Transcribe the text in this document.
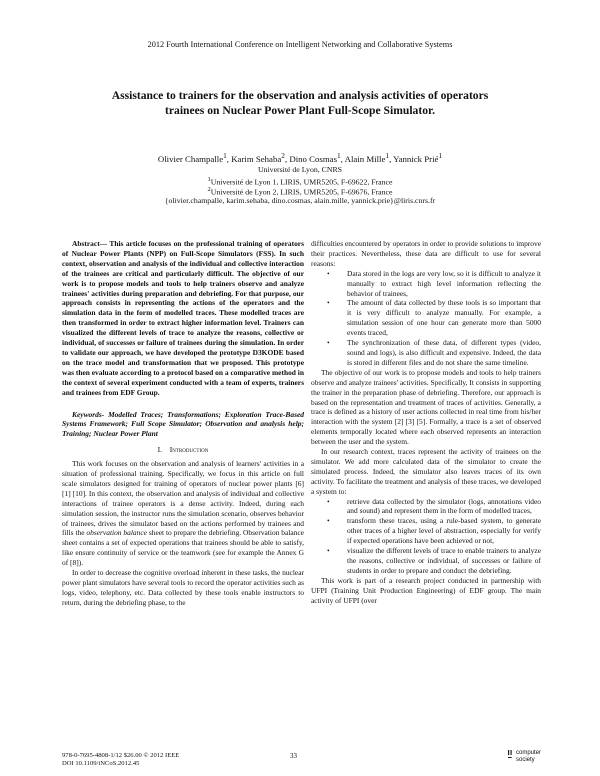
2012 Fourth International Conference on Intelligent Networking and Collaborative Systems
Assistance to trainers for the observation and analysis activities of operators
trainees on Nuclear Power Plant Full-Scope Simulator.
Olivier Champalle$^1$, Karim Sehaba$^2$, Dino Cosmas$^1$, Alain Mille$^1$, Yannick Prié$^1$
Université de Lyon, CNRS
$^1$Université de Lyon 1, LIRIS, UMR5205, F-69622, France
$^2$Université de Lyon 2, LIRIS, UMR5205, F-69676, France
{olivier.champalle, karim.sehaba, dino.cosmas, alain.mille, yannick.prie}@liris.cnrs.fr

Abstract— This article focuses on the professional training of operators of Nuclear Power Plants (NPP) on Full-Scope Simulators (FSS). In such context, observation and analysis of the individual and collective interaction of the trainees are critical and particularly difficult. The objective of our work is to propose models and tools to help trainers observe and analyze trainees' activities during preparation and debriefing. For that purpose, our approach consists in representing the actions of the operators and the simulation data in the form of modelled traces. These modelled traces are then transformed in order to extract higher information level. Trainers can visualized the different levels of trace to analyze the reasons, collective or individual, of successes or failure of trainees during the simulation. In order to validate our approach, we have developed the prototype D3KODE based on the trace model and transformation that we proposed. This prototype was then evaluate according to a protocol based on a comparative method in the context of several experiment conducted with a team of experts, trainers and trainees from EDF Group.

Keywords- Modelled Traces; Transformations; Exploration Trace-Based Systems Framework; Full Scope Simulator; Observation and analysis help; Training; Nuclear Power Plant

I. Introduction

This work focuses on the observation and analysis of learners' activities in a situation of professional training. Specifically, we focus in this article on full scale simulators designed for training of operators of nuclear power plants [6] [1] [10]. In this context, the observation and analysis of individual and collective interactions of trainee operators is a dense activity. Indeed, during each simulation session, the instructor runs the simulation scenario, observes behavior of trainees, drives the simulator based on the actions performed by trainees and fills the observation balance sheet to prepare the debriefing. Observation balance sheet contains a set of expected operations that trainees should be able to satisfy, like ensure continuity of service or the teamwork (see for example the Annex G of [8]).

In order to decrease the cognitive overload inherent in these tasks, the nuclear power plant simulators have several tools to record the operator activities such as logs, video, telephony, etc. Data collected by these tools enable instructors to return, during the debriefing phase, to the

difficulties encountered by operators in order to provide solutions to improve their practices. Nevertheless, these data are difficult to use for several reasons:

• Data stored in the logs are very low, so it is difficult to analyze it manually to extract high level information reflecting the behavior of trainees,
• The amount of data collected by these tools is so important that it is very difficult to analyze manually. For example, a simulation session of one hour can generate more than 5000 events traced,
• The synchronization of these data, of different types (video, sound and logs), is also difficult and expensive. Indeed, the data is stored in different files and do not share the same timeline.

The objective of our work is to propose models and tools to help trainers observe and analyze trainees' activities. Specifically, It consists in supporting the trainer in the preparation phase of debriefing. Therefore, our approach is based on the representation and treatment of traces of activities. Generally, a trace is defined as a history of user actions collected in real time from his/her interaction with the system [2] [3] [5]. Formally, a trace is a set of observed elements temporally located where each observed represents an interaction between the user and the system.

In our research context, traces represent the activity of trainees on the simulator. We add more calculated data of the simulator to create the simulated process. Indeed, the simulator also leaves traces of its own activity. To facilitate the treatment and analysis of these traces, we developed a system to:

• retrieve data collected by the simulator (logs, annotations video and sound) and represent them in the form of modelled traces,
• transform these traces, using a rule-based system, to generate other traces of a higher level of abstraction, especially for verify if expected operations have been achieved or not,
• visualize the different levels of trace to enable trainers to analyze the reasons, collective or individual, of successes or failure of students in order to prepare and conduct the debriefing.

This work is part of a research project conducted in partnership with UFPI (Training Unit Production Engineering) of EDF group. The main activity of UFPI (over

978-0-7695-4808-1/12 $26.00 © 2012 IEEE
DOI 10.1109/iNCoS.2012.45
33	computer
society
